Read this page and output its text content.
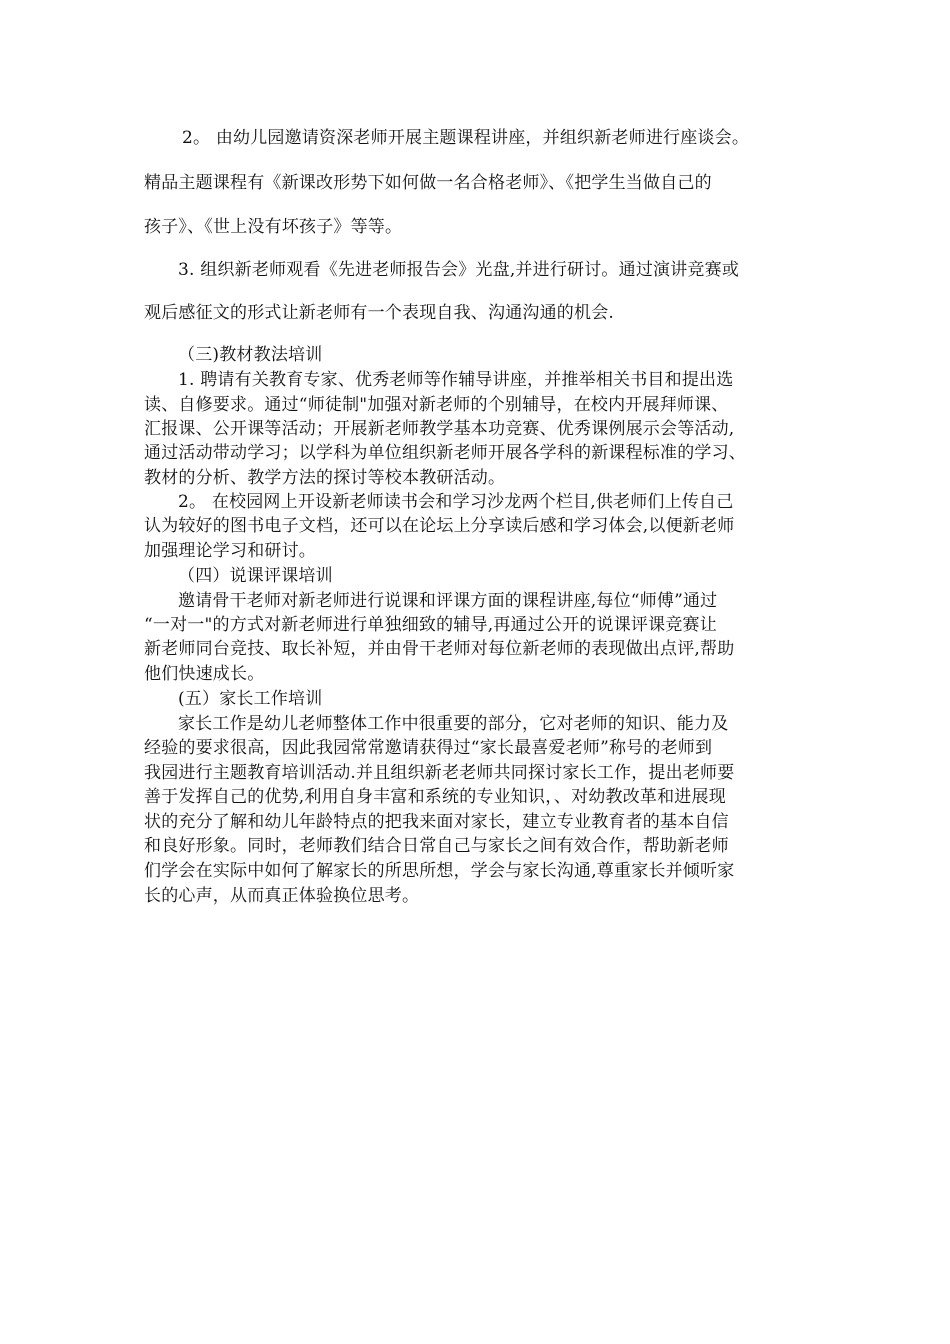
2。 由幼儿园邀请资深老师开展主题课程讲座，并组织新老师进行座谈会。
精品主题课程有《新课改形势下如何做一名合格老师》、《把学生当做自己的
孩子》、《世上没有坏孩子》等等。
3. 组织新老师观看《先进老师报告会》光盘,并进行研讨。通过演讲竞赛或
观后感征文的形式让新老师有一个表现自我、沟通沟通的机会.
（三)教材教法培训
1. 聘请有关教育专家、优秀老师等作辅导讲座，并推举相关书目和提出选
读、自修要求。通过“师徒制"加强对新老师的个别辅导，在校内开展拜师课、
汇报课、公开课等活动；开展新老师教学基本功竞赛、优秀课例展示会等活动,
通过活动带动学习；以学科为单位组织新老师开展各学科的新课程标准的学习、
教材的分析、教学方法的探讨等校本教研活动。
2。 在校园网上开设新老师读书会和学习沙龙两个栏目,供老师们上传自己
认为较好的图书电子文档，还可以在论坛上分享读后感和学习体会,以便新老师
加强理论学习和研讨。
（四）说课评课培训
邀请骨干老师对新老师进行说课和评课方面的课程讲座,每位“师傅”通过
“一对一"的方式对新老师进行单独细致的辅导,再通过公开的说课评课竞赛让
新老师同台竞技、取长补短，并由骨干老师对每位新老师的表现做出点评,帮助
他们快速成长。
(五）家长工作培训
家长工作是幼儿老师整体工作中很重要的部分，它对老师的知识、能力及
经验的要求很高，因此我园常常邀请获得过“家长最喜爱老师”称号的老师到
我园进行主题教育培训活动.并且组织新老老师共同探讨家长工作，提出老师要
善于发挥自己的优势,利用自身丰富和系统的专业知识，、对幼教改革和进展现
状的充分了解和幼儿年龄特点的把我来面对家长，建立专业教育者的基本自信
和良好形象。同时，老师教们结合日常自己与家长之间有效合作，帮助新老师
们学会在实际中如何了解家长的所思所想，学会与家长沟通,尊重家长并倾听家
长的心声，从而真正体验换位思考。
